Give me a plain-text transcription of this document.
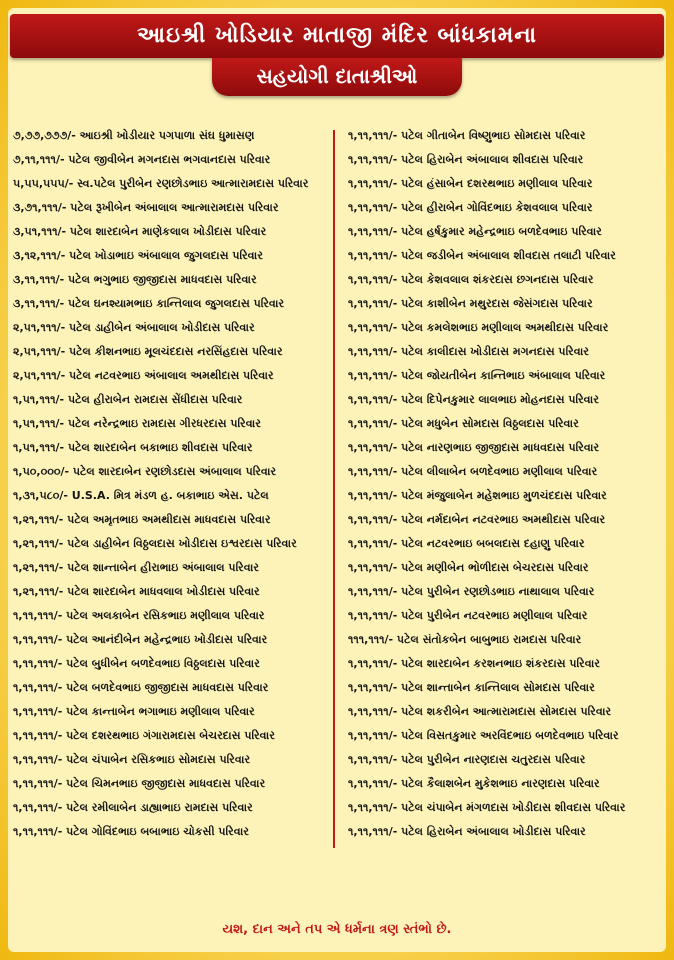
આઇશ્રી ખોડિયાર માતાજી મંદિર બાંધકામના
સહયોગી દાતાશ્રીઓ
૭,૭૭,૭૭૭/- આઇશ્રી ખોડીયાર પગપાળા સંઘ ધુમાસણ
૭,૧૧,૧૧૧/- પટેલ જીવીબેન મગનદાસ ભગવાનદાસ પરિવાર
૫,૫૫,૫૫૫/- સ્વ.પટેલ પુરીબેન રણછોડભાઇ આત્મારામદાસ પરિવાર
૩,૭૧,૧૧૧/- પટેલ રૂખીબેન અંબાલાલ આત્મારામદાસ પરિવાર
૩,૫૧,૧૧૧/- પટેલ શારદાબેન માણેકલાલ ખોડીદાસ પરિવાર
૩,૧૨,૧૧૧/- પટેલ ખોડાભાઇ અંબાલાલ જુગલદાસ પરિવાર
૩,૧૧,૧૧૧/- પટેલ ભગુભાઇ જીજીદાસ માધવદાસ પરિવાર
૩,૧૧,૧૧૧/- પટેલ ઘનશ્યામભાઇ કાન્તિલાલ જુગલદાસ પરિવાર
૨,૫૧,૧૧૧/- પટેલ ડાહીબેન અંબાલાલ ખોડીદાસ પરિવાર
૨,૫૧,૧૧૧/- પટેલ કીશનભાઇ મૂલચંદદાસ નરસિંહદાસ પરિવાર
૨,૫૧,૧૧૧/- પટેલ નટવરભાઇ અંબાલાલ અમથીદાસ પરિવાર
૧,૫૧,૧૧૧/- પટેલ હીરાબેન રામદાસ સેંધીદાસ પરિવાર
૧,૫૧,૧૧૧/- પટેલ નરેન્દ્રભાઇ રામદાસ ગીરધરદાસ પરિવાર
૧,૫૧,૧૧૧/- પટેલ શારદાબેન બકાભાઇ શીવદાસ પરિવાર
૧,૫૦,૦૦૦/- પટેલ શારદાબેન રણછોડદાસ અંબાલાલ પરિવાર
૧,૩૧,૫૮૦/- U.S.A. મિત્ર મંડળ હ. બકાભાઇ એસ. પટેલ
૧,૨૧,૧૧૧/- પટેલ અમૃતભાઇ અમથીદાસ માધવદાસ પરિવાર
૧,૨૧,૧૧૧/- પટેલ ડાહીબેન વિઠ્ઠલદાસ ખોડીદાસ ઇશ્વરદાસ પરિવાર
૧,૨૧,૧૧૧/- પટેલ શાન્તાબેન હીરાભાઇ અંબાલાલ પરિવાર
૧,૨૧,૧૧૧/- પટેલ શારદાબેન માધવલાલ ખોડીદાસ પરિવાર
૧,૧૧,૧૧૧/- પટેલ અલકાબેન રસિકભાઇ મણીલાલ પરિવાર
૧,૧૧,૧૧૧/- પટેલ આનંદીબેન મહેન્દ્રભાઇ ખોડીદાસ પરિવાર
૧,૧૧,૧૧૧/- પટેલ બુધીબેન બળદેવભાઇ વિઠ્ઠલદાસ પરિવાર
૧,૧૧,૧૧૧/- પટેલ બળદેવભાઇ જીજીદાસ માધવદાસ પરિવાર
૧,૧૧,૧૧૧/- પટેલ કાન્તાબેન ભગાભાઇ મણીલાલ પરિવાર
૧,૧૧,૧૧૧/- પટેલ દશરથભાઇ ગંગારામદાસ બેચરદાસ પરિવાર
૧,૧૧,૧૧૧/- પટેલ ચંપાબેન રસિકભાઇ સોમદાસ પરિવાર
૧,૧૧,૧૧૧/- પટેલ ચિમનભાઇ જીજીદાસ માધવદાસ પરિવાર
૧,૧૧,૧૧૧/- પટેલ રમીલાબેન ડાહ્યાભાઇ રામદાસ પરિવાર
૧,૧૧,૧૧૧/- પટેલ ગોવિંદભાઇ બબાભાઇ ચોકસી પરિવાર
૧,૧૧,૧૧૧/- પટેલ ગીતાબેન વિષ્ણુભાઇ સોમદાસ પરિવાર
૧,૧૧,૧૧૧/- પટેલ હિરાબેન અંબાલાલ શીવદાસ પરિવાર
૧,૧૧,૧૧૧/- પટેલ હંસાબેન દશરથભાઇ મણીલાલ પરિવાર
૧,૧૧,૧૧૧/- પટેલ હીરાબેન ગોવિંદભાઇ કેશવલાલ પરિવાર
૧,૧૧,૧૧૧/- પટેલ હર્ષકુમાર મહેન્દ્રભાઇ બળદેવભાઇ પરિવાર
૧,૧૧,૧૧૧/- પટેલ જડીબેન અંબાલાલ શીવદાસ તલાટી પરિવાર
૧,૧૧,૧૧૧/- પટેલ કેશવલાલ શંકરદાસ છગનદાસ પરિવાર
૧,૧૧,૧૧૧/- પટેલ કાશીબેન મથુરદાસ જેસંગદાસ પરિવાર
૧,૧૧,૧૧૧/- પટેલ કમલેશભાઇ મણીલાલ અમથીદાસ પરિવાર
૧,૧૧,૧૧૧/- પટેલ કાલીદાસ ખોડીદાસ મગનદાસ પરિવાર
૧,૧૧,૧૧૧/- પટેલ જોયતીબેન કાન્તિભાઇ અંબાલાલ પરિવાર
૧,૧૧,૧૧૧/- પટેલ દિપેનકુમાર લાલભાઇ મોહનદાસ પરિવાર
૧,૧૧,૧૧૧/- પટેલ મધુબેન સોમદાસ વિઠ્ઠલદાસ પરિવાર
૧,૧૧,૧૧૧/- પટેલ નારણભાઇ જીજીદાસ માધવદાસ પરિવાર
૧,૧૧,૧૧૧/- પટેલ લીલાબેન બળદેવભાઇ મણીલાલ પરિવાર
૧,૧૧,૧૧૧/- પટેલ મંજુલાબેન મહેશભાઇ મુળચંદદાસ પરિવાર
૧,૧૧,૧૧૧/- પટેલ નર્મદાબેન નટવરભાઇ અમથીદાસ પરિવાર
૧,૧૧,૧૧૧/- પટેલ નટવરભાઇ બબલદાસ દહાણુ પરિવાર
૧,૧૧,૧૧૧/- પટેલ મણીબેન ભોળીદાસ બેચરદાસ પરિવાર
૧,૧૧,૧૧૧/- પટેલ પુરીબેન રણછોડભાઇ નાથાલાલ પરિવાર
૧,૧૧,૧૧૧/- પટેલ પુરીબેન નટવરભાઇ મણીલાલ પરિવાર
૧૧૧,૧૧૧/- પટેલ સંતોકબેન બાબુભાઇ રામદાસ પરિવાર
૧,૧૧,૧૧૧/- પટેલ શારદાબેન કરશનભાઇ શંકરદાસ પરિવાર
૧,૧૧,૧૧૧/- પટેલ શાન્તાબેન કાન્તિલાલ સોમદાસ પરિવાર
૧,૧૧,૧૧૧/- પટેલ શકરીબેન આત્મારામદાસ સોમદાસ પરિવાર
૧,૧૧,૧૧૧/- પટેલ વિસતકુમાર અરવિંદભાઇ બળદેવભાઇ પરિવાર
૧,૧૧,૧૧૧/- પટેલ પુરીબેન નારણદાસ ચતુરદાસ પરિવાર
૧,૧૧,૧૧૧/- પટેલ કૈલાશબેન મુકેશભાઇ નારણદાસ પરિવાર
૧,૧૧,૧૧૧/- પટેલ ચંપાબેન મંગળદાસ ખોડીદાસ શીવદાસ પરિવાર
૧,૧૧,૧૧૧/- પટેલ હિરાબેન અંબાલાલ ખોડીદાસ પરિવાર
યશ, દાન અને તપ એ ધર્મના ત્રણ સ્તંભો છે.
